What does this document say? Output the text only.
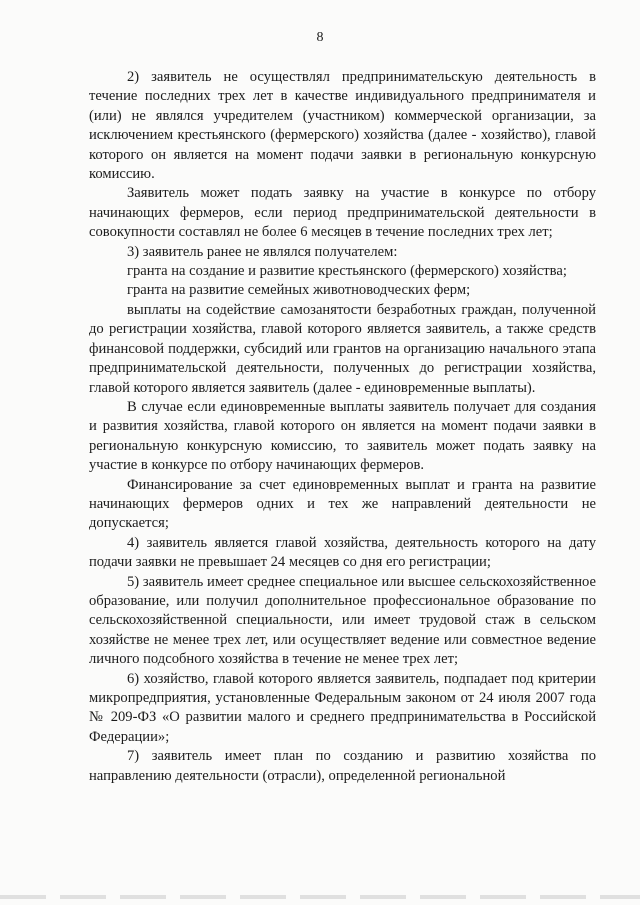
8

2) заявитель не осуществлял предпринимательскую деятельность в течение последних трех лет в качестве индивидуального предпринимателя и (или) не являлся учредителем (участником) коммерческой организации, за исключением крестьянского (фермерского) хозяйства (далее - хозяйство), главой которого он является на момент подачи заявки в региональную конкурсную комиссию.

Заявитель может подать заявку на участие в конкурсе по отбору начинающих фермеров, если период предпринимательской деятельности в совокупности составлял не более 6 месяцев в течение последних трех лет;

3) заявитель ранее не являлся получателем:

гранта на создание и развитие крестьянского (фермерского) хозяйства;

гранта на развитие семейных животноводческих ферм;

выплаты на содействие самозанятости безработных граждан, полученной до регистрации хозяйства, главой которого является заявитель, а также средств финансовой поддержки, субсидий или грантов на организацию начального этапа предпринимательской деятельности, полученных до регистрации хозяйства, главой которого является заявитель (далее - единовременные выплаты).

В случае если единовременные выплаты заявитель получает для создания и развития хозяйства, главой которого он является на момент подачи заявки в региональную конкурсную комиссию, то заявитель может подать заявку на участие в конкурсе по отбору начинающих фермеров.

Финансирование за счет единовременных выплат и гранта на развитие начинающих фермеров одних и тех же направлений деятельности не допускается;

4) заявитель является главой хозяйства, деятельность которого на дату подачи заявки не превышает 24 месяцев со дня его регистрации;

5) заявитель имеет среднее специальное или высшее сельскохозяйственное образование, или получил дополнительное профессиональное образование по сельскохозяйственной специальности, или имеет трудовой стаж в сельском хозяйстве не менее трех лет, или осуществляет ведение или совместное ведение личного подсобного хозяйства в течение не менее трех лет;

6) хозяйство, главой которого является заявитель, подпадает под критерии микропредприятия, установленные Федеральным законом от 24 июля 2007 года № 209-ФЗ «О развитии малого и среднего предпринимательства в Российской Федерации»;

7) заявитель имеет план по созданию и развитию хозяйства по направлению деятельности (отрасли), определенной региональной
